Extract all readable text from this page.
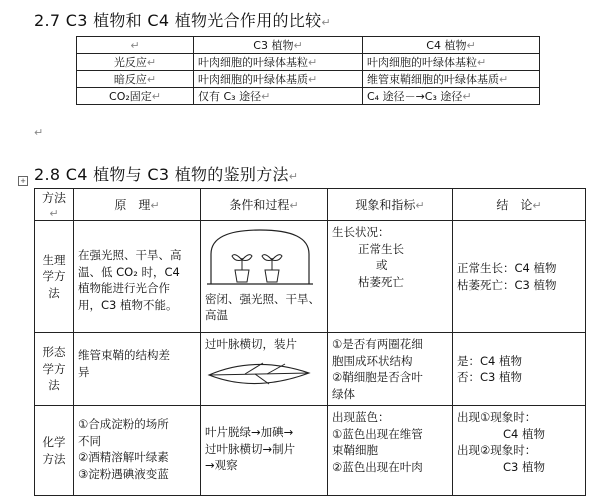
2.7 C3 植物和 C4 植物光合作用的比较↵
↵	C3 植物↵	C4 植物↵
光反应↵	叶肉细胞的叶绿体基粒↵	叶肉细胞的叶绿体基粒↵
暗反应↵	叶肉细胞的叶绿体基质↵	维管束鞘细胞的叶绿体基质↵
CO₂固定↵	仅有 C₃ 途径↵	C₄ 途径－→C₃ 途径↵
↵
2.8 C4 植物与 C3 植物的鉴别方法↵
+
方法↵	原　理↵	条件和过程↵	现象和指标↵	结　论↵
生理学方法	在强光照、干旱、高
温、低 CO₂ 时，C4
植物能进行光合作
用，C3 植物不能。	密闭、强光照、干旱、
高温	生长状况：
正常生长
或
枯萎死亡	正常生长：C4 植物
枯萎死亡：C3 植物

形态学方法	维管束鞘的结构差
异	过叶脉横切，装片	①是否有两圈花细
胞围成环状结构
②鞘细胞是否含叶
绿体	是：C4 植物
否：C3 植物

化学方法	①合成淀粉的场所
不同
②酒精溶解叶绿素
③淀粉遇碘液变蓝	叶片脱绿→加碘→
过叶脉横切→制片
→观察	出现蓝色：
①蓝色出现在维管
束鞘细胞
②蓝色出现在叶肉	出现①现象时：
C4 植物
出现②现象时：
C3 植物
